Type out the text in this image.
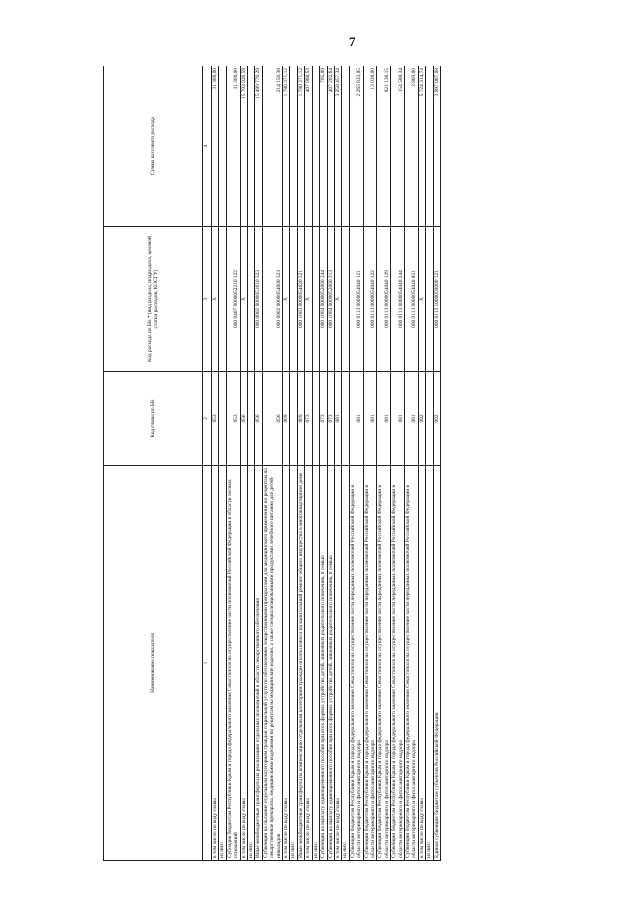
7
Наименование показателя	Код главы по БК	Код расхода по БК * (вид раздела, подраздела, целевой статьи расходов, КОСГУ)	Сумма кассового расхода
1	2	3	4
в том числе по коду главы	053	X	31 300,00
из них:			
Субсидия бюджетам Республики Крым и города федерального значения Севастополя на осуществление части полномочий Российской Федерации в области лесных отношений	053	000 0407 0000052210 122	31 300,00
в том числе по коду главы	056	X	15 703 926,59
из них:			
Иные межбюджетные трансферты на реализацию отдельных полномочий в области лекарственного обеспечения	056	000 0902 0000051610 323	15 489 776,29
Субвенции на оказание отдельным категориям граждан социальной услуги по обеспечению лекарственными препаратами для медицинского применения по рецептам на лекарственные препараты, медицинскими изделиями по рецептам на медицинские изделия, а также специализированными продуктами лечебного питания для детей-инвалидов	056	000 0902 0000054600 323	214 150,30
в том числе по коду главы	069	X	1 780 371,12
из них:			
Иные межбюджетные трансферты на компенсацию отдельным категориям граждан оплаты взноса на капитальный ремонт общего имущества в многоквартирном доме	069	000 1003 0000054620 321	1 780 371,12
в том числе по коду главы	073	X	407 968,53
из них:			
Субвенции на выплату единовременного пособия при всех формах устройства детей, лишенных родительского попечения, в семью	073	000 1004 0000052600 244	705,89
Субвенции на выплату единовременного пособия при всех формах устройства детей, лишенных родительского попечения, в семью	073	000 1004 0000052600 313	407 262,64
в том числе по коду главы	081	X	3 258 457,34
из них:			
Субвенции бюджетам Республики Крым и города федерального значения Севастополя на осуществление части переданных полномочий Российской Федерации в области ветеринарного и фитосанитарного надзора	081	000 0113 0000054840 121	2 265 833,85
Субвенции бюджетам Республики Крым и города федерального значения Севастополя на осуществление части переданных полномочий Российской Федерации в области ветеринарного и фитосанитарного надзора	081	000 0113 0000054840 122	13 030,00
Субвенции бюджетам Республики Крым и города федерального значения Севастополя на осуществление части переданных полномочий Российской Федерации в области ветеринарного и фитосанитарного надзора	081	000 0113 0000054840 129	821 136,15
Субвенции бюджетам Республики Крым и города федерального значения Севастополя на осуществление части переданных полномочий Российской Федерации в области ветеринарного и фитосанитарного надзора	081	000 0113 0000054840 244	154 588,34
Субвенции бюджетам Республики Крым и города федерального значения Севастополя на осуществление части переданных полномочий Российской Федерации в области ветеринарного и фитосанитарного надзора	081	000 0113 0000054840 851	3 869,00
в том числе по коду главы	092	X	5 724 314,74
из них:			
Единая субвенция бюджетам субъектов Российской Федерации	092	000 0113 1000059000 121	3 997 067,08
